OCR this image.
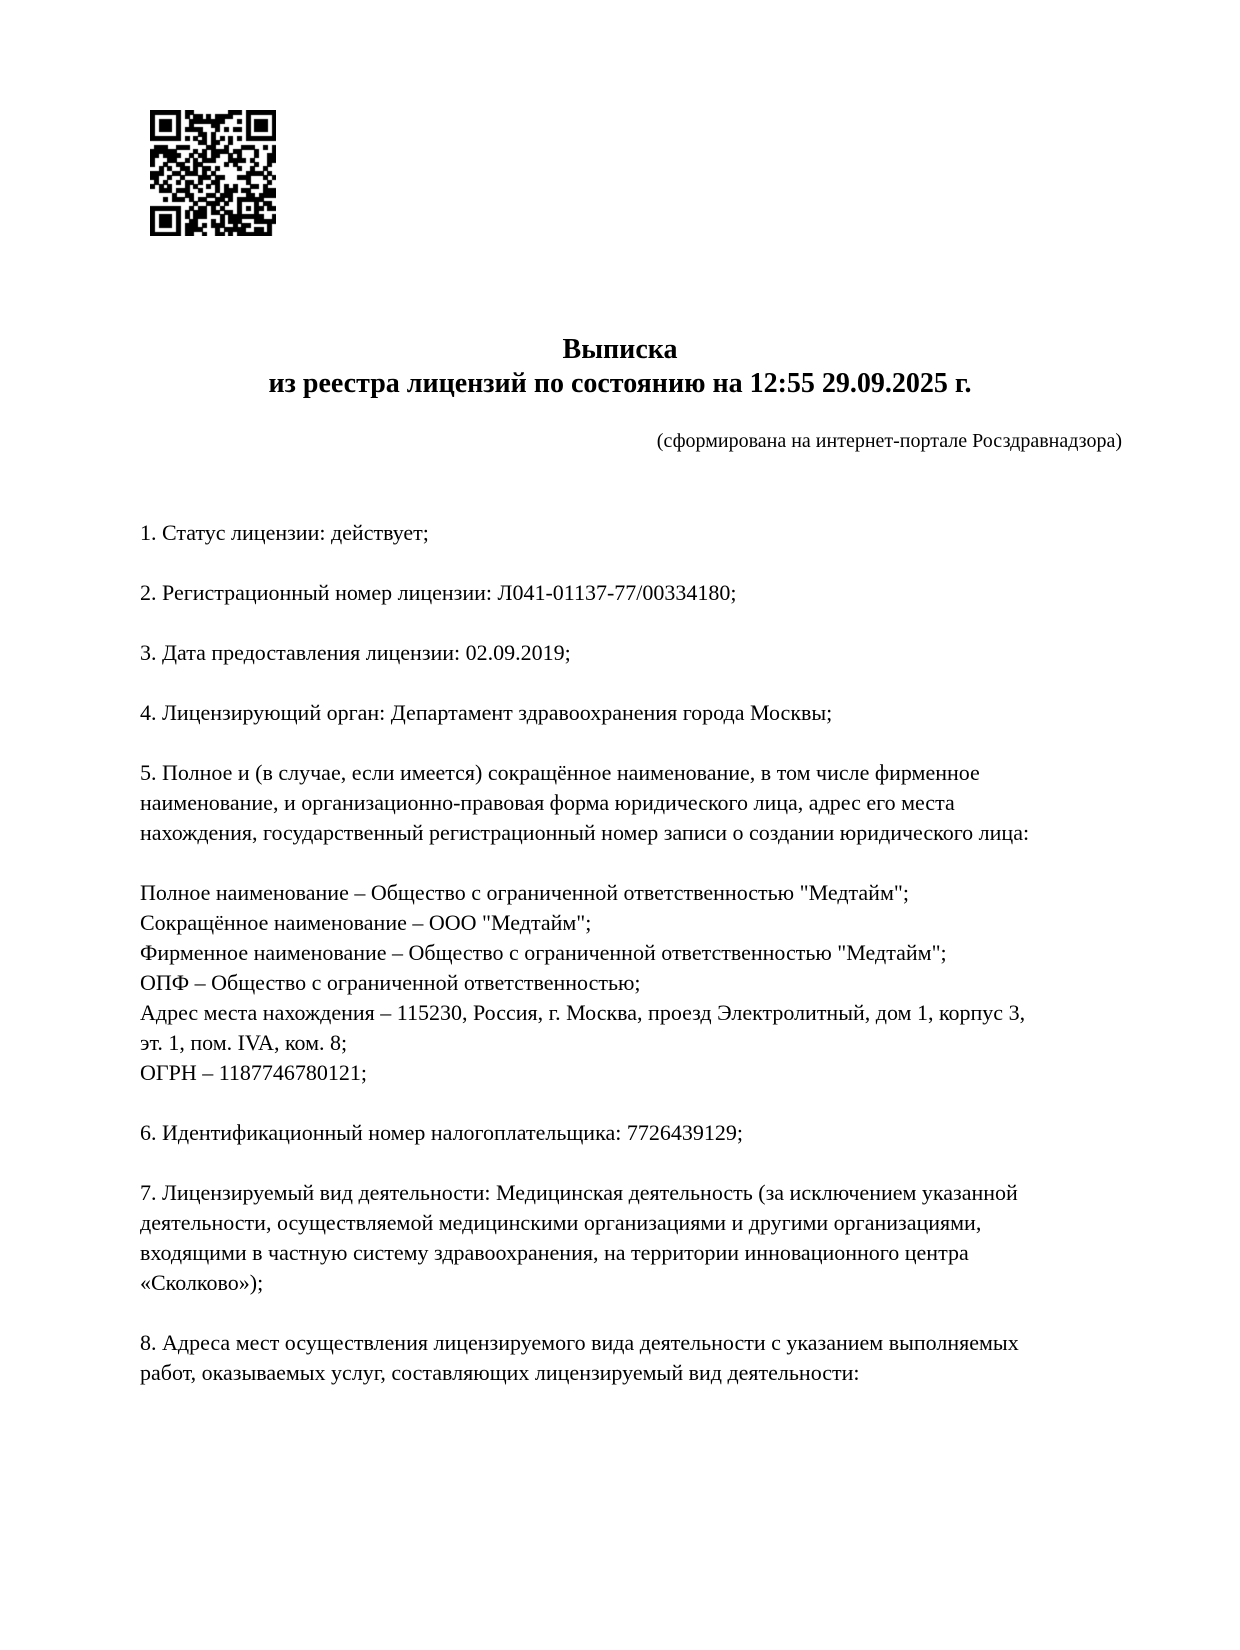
Выписка
из реестра лицензий по состоянию на 12:55 29.09.2025 г.
(сформирована на интернет-портале Росздравнадзора)
1. Статус лицензии: действует;
2. Регистрационный номер лицензии: Л041-01137-77/00334180;
3. Дата предоставления лицензии: 02.09.2019;
4. Лицензирующий орган: Департамент здравоохранения города Москвы;
5. Полное и (в случае, если имеется) сокращённое наименование, в том числе фирменное
наименование, и организационно-правовая форма юридического лица, адрес его места
нахождения, государственный регистрационный номер записи о создании юридического лица:
Полное наименование – Общество с ограниченной ответственностью "Медтайм";
Сокращённое наименование – ООО "Медтайм";
Фирменное наименование – Общество с ограниченной ответственностью "Медтайм";
ОПФ – Общество с ограниченной ответственностью;
Адрес места нахождения – 115230, Россия, г. Москва, проезд Электролитный, дом 1, корпус 3,
эт. 1, пом. IVA, ком. 8;
ОГРН – 1187746780121;
6. Идентификационный номер налогоплательщика: 7726439129;
7. Лицензируемый вид деятельности: Медицинская деятельность (за исключением указанной
деятельности, осуществляемой медицинскими организациями и другими организациями,
входящими в частную систему здравоохранения, на территории инновационного центра
«Сколково»);
8. Адреса мест осуществления лицензируемого вида деятельности с указанием выполняемых
работ, оказываемых услуг, составляющих лицензируемый вид деятельности:
